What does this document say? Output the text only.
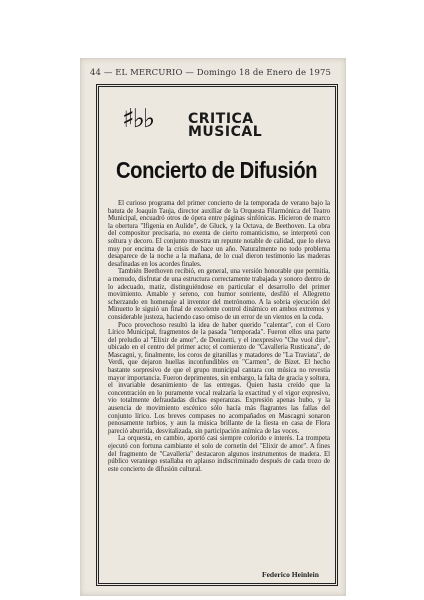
44 — EL MERCURIO — Domingo 18 de Enero de 1975
♯♭♭ CRITICA
MUSICAL
Concierto de Difusión

El curioso programa del primer concierto de la temporada de verano bajo la batuta de Joaquín Tauja, director auxiliar de la Orquesta Filarmónica del Teatro Municipal, encuadró otros de ópera entre páginas sinfónicas. Hicieron de marco la obertura "Ifigenia en Aulide", de Gluck, y la Octava, de Beethoven. La obra del compositor precisaria, no exenta de cierto romanticismo, se interpretó con soltura y decoro. El conjunto muestra un repunte notable de calidad, que lo eleva muy por encima de la crisis de hace un año. Naturalmente no todo problema desaparece de la noche a la mañana, de lo cual dieron testimonio las maderas desafinadas en los acordes finales.

También Beethoven recibió, en general, una versión honorable que permitía, a menudo, disfrutar de una estructura correctamente trabajada y sonoro dentro de lo adecuado, matiz, distinguiéndose en particular el desarrollo del primer movimiento. Amable y sereno, con humor sonriente, desfiló el Allegretto scherzando en homenaje al inventor del metrónomo. A la sobria ejecución del Minuetto le siguió un final de excelente control dinámico en ambos extremos y considerable justeza, haciendo caso omiso de un error de un vientos en la coda.

Poco provechoso resultó la idea de haber querido "calentar", con el Coro Lírico Municipal, fragmentos de la pasada "temporada". Fueron ellos una parte del preludio al "Elixir de amor", de Donizetti, y el inexpresivo "Che vuol dire", ubicado en el centro del primer acto; el comienzo de "Cavalleria Rusticana", de Mascagni, y, finalmente, los coros de gitanillas y matadores de "La Traviata", de Verdi, que dejaron huellas inconfundibles en "Carmen", de Bizet. El hecho bastante sorpresivo de que el grupo municipal cantara con música no revestía mayor importancia. Fueron deprimentes, sin embargo, la falta de gracia y soltura, el invariable desanimiento de las entregas. Quien hasta creído que la concentración en lo puramente vocal realzaría la exactitud y el vigor expresivo, vio totalmente defraudadas dichas esperanzas. Expresión apenas hubo, y la ausencia de movimiento escénico sólo hacía más flagrantes las fallas del conjunto lírico. Los breves compases no acompañados en Mascagni sonaron penosamente turbios, y aun la música brillante de la fiesta en casa de Flora pareció aburrida, desvitalizada, sin participación anímica de las voces.

La orquesta, en cambio, aportó casi siempre colorido e interés. La trompeta ejecutó con fortuna cambiante el solo de cornetín del "Elixir de amor". A fines del fragmento de "Cavalleria" destacaron algunos instrumentos de madera. El público veraniego estallaba en aplauso indiscriminado después de cada trozo de este concierto de difusión cultural.

Federico Heinlein
